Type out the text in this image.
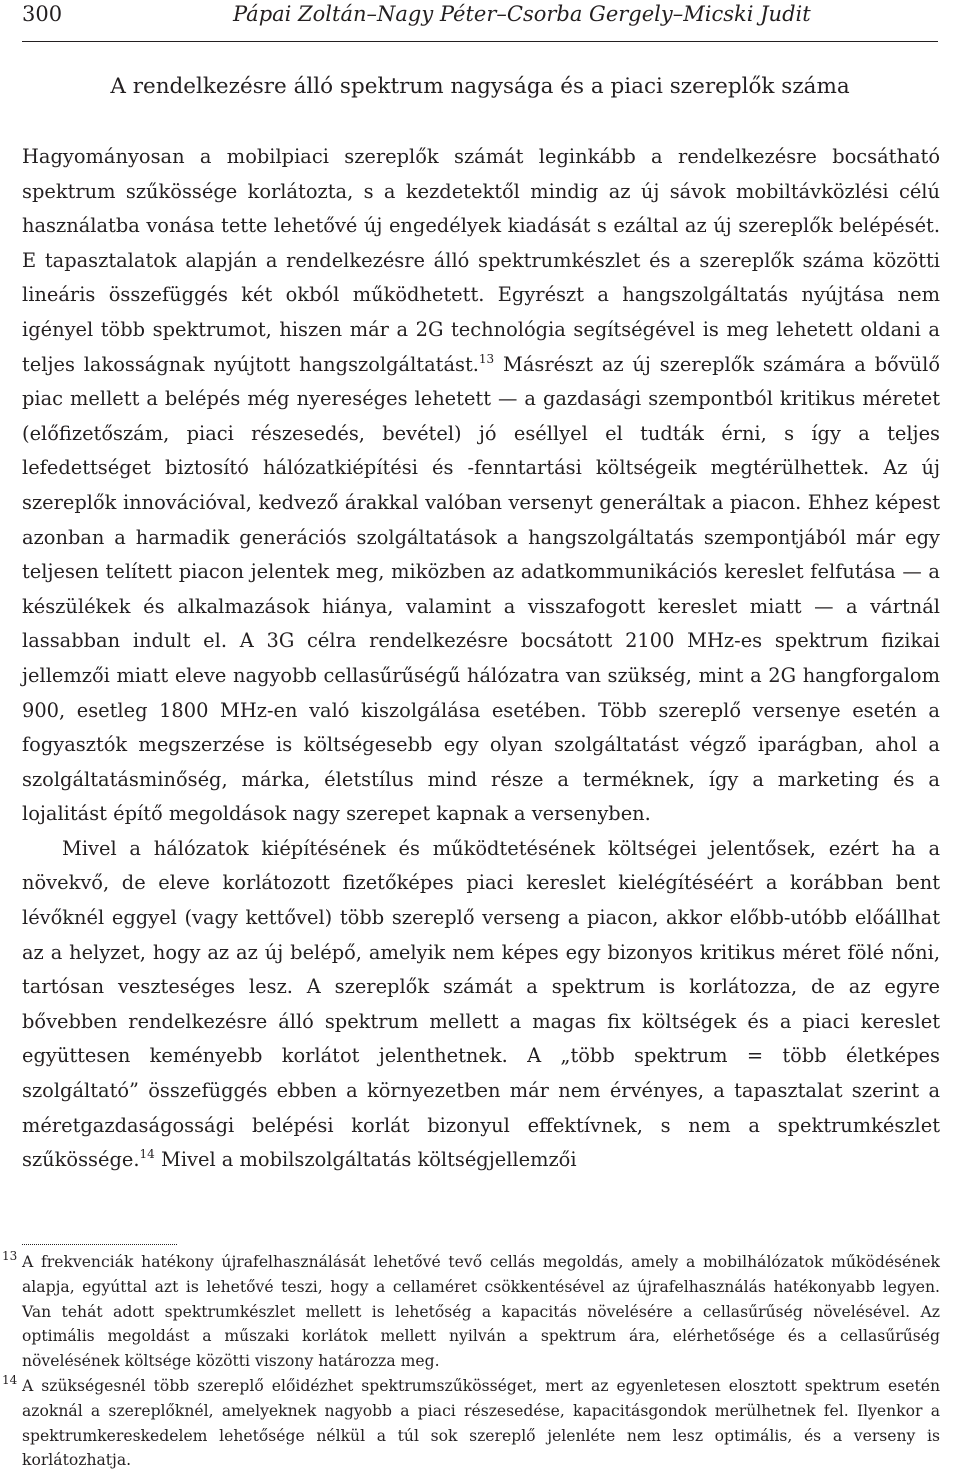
300	Pápai Zoltán–Nagy Péter–Csorba Gergely–Micski Judit
A rendelkezésre álló spektrum nagysága és a piaci szereplők száma

Hagyományosan a mobilpiaci szereplők számát leginkább a rendelkezésre bocsátható spektrum szűkössége korlátozta, s a kezdetektől mindig az új sávok mobiltávközlési célú használatba vonása tette lehetővé új engedélyek kiadását s ezáltal az új szereplők belépését. E tapasztalatok alapján a rendelkezésre álló spektrumkészlet és a szereplők száma közötti lineáris összefüggés két okból működhetett. Egyrészt a hangszolgáltatás nyújtása nem igényel több spektrumot, hiszen már a 2G technológia segítségével is meg lehetett oldani a teljes lakosságnak nyújtott hangszolgáltatást.$^{13}$ Másrészt az új szereplők számára a bővülő piac mellett a belépés még nyereséges lehetett — a gazdasági szempontból kritikus méretet (előfizetőszám, piaci részesedés, bevétel) jó eséllyel el tudták érni, s így a teljes lefedettséget biztosító hálózatkiépítési és -fenntartási költségeik megtérülhettek. Az új szereplők innovációval, kedvező árakkal valóban versenyt generáltak a piacon. Ehhez képest azonban a harmadik generációs szolgáltatások a hangszolgáltatás szempontjából már egy teljesen telített piacon jelentek meg, miközben az adatkommunikációs kereslet felfutása — a készülékek és alkalmazások hiánya, valamint a visszafogott kereslet miatt — a vártnál lassabban indult el. A 3G célra rendelkezésre bocsátott 2100 MHz-es spektrum fizikai jellemzői miatt eleve nagyobb cellasűrűségű hálózatra van szükség, mint a 2G hangforgalom 900, esetleg 1800 MHz-en való kiszolgálása esetében. Több szereplő versenye esetén a fogyasztók megszerzése is költségesebb egy olyan szolgáltatást végző iparágban, ahol a szolgáltatásminőség, márka, életstílus mind része a terméknek, így a marketing és a lojalitást építő megoldások nagy szerepet kapnak a versenyben.

Mivel a hálózatok kiépítésének és működtetésének költségei jelentősek, ezért ha a növekvő, de eleve korlátozott fizetőképes piaci kereslet kielégítéséért a korábban bent lévőknél eggyel (vagy kettővel) több szereplő verseng a piacon, akkor előbb-utóbb előállhat az a helyzet, hogy az az új belépő, amelyik nem képes egy bizonyos kritikus méret fölé nőni, tartósan veszteséges lesz. A szereplők számát a spektrum is korlátozza, de az egyre bővebben rendelkezésre álló spektrum mellett a magas fix költségek és a piaci kereslet együttesen keményebb korlátot jelenthetnek. A „több spektrum = több életképes szolgáltató” összefüggés ebben a környezetben már nem érvényes, a tapasztalat szerint a méretgazdaságossági belépési korlát bizonyul effektívnek, s nem a spektrumkészlet szűkössége.$^{14}$ Mivel a mobilszolgáltatás költségjellemzői

13 A frekvenciák hatékony újrafelhasználását lehetővé tevő cellás megoldás, amely a mobilhálózatok működésének alapja, egyúttal azt is lehetővé teszi, hogy a cellaméret csökkentésével az újrafelhasználás hatékonyabb legyen. Van tehát adott spektrumkészlet mellett is lehetőség a kapacitás növelésére a cellasűrűség növelésével. Az optimális megoldást a műszaki korlátok mellett nyilván a spektrum ára, elérhetősége és a cellasűrűség növelésének költsége közötti viszony határozza meg.

14 A szükségesnél több szereplő előidézhet spektrumszűkösséget, mert az egyenletesen elosztott spektrum esetén azoknál a szereplőknél, amelyeknek nagyobb a piaci részesedése, kapacitásgondok merülhetnek fel. Ilyenkor a spektrumkereskedelem lehetősége nélkül a túl sok szereplő jelenléte nem lesz optimális, és a verseny is korlátozhatja.
